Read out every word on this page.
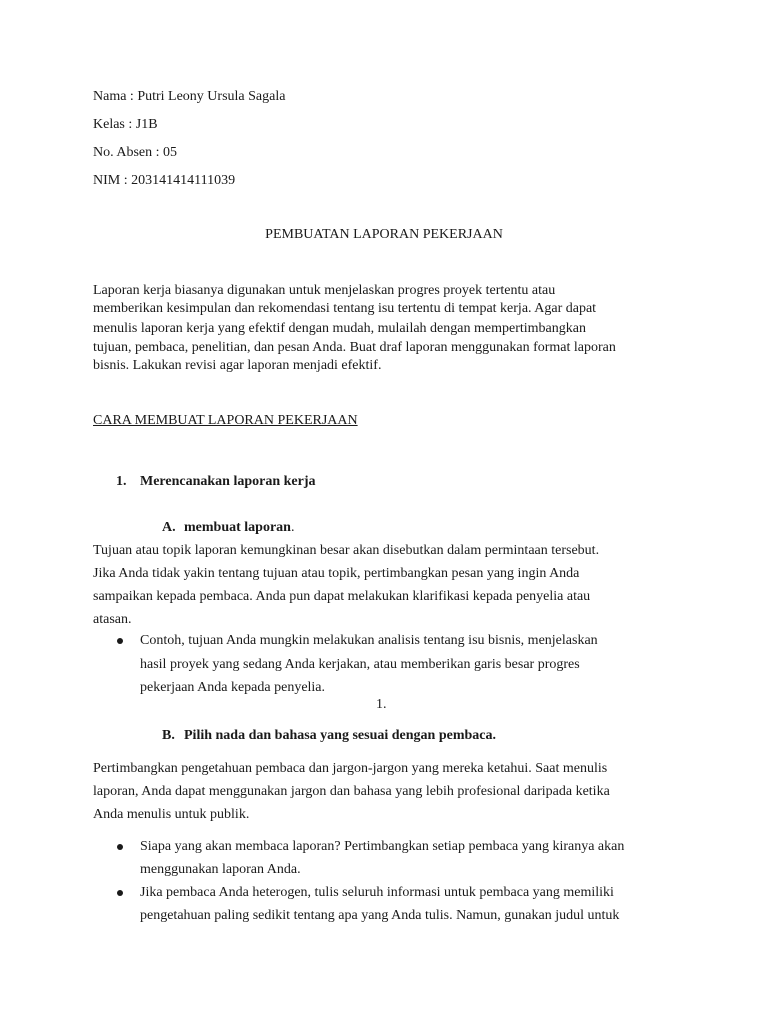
Nama : Putri Leony Ursula Sagala
Kelas : J1B
No. Absen : 05
NIM : 203141414111039
PEMBUATAN LAPORAN PEKERJAAN
Laporan kerja biasanya digunakan untuk menjelaskan progres proyek tertentu atau
memberikan kesimpulan dan rekomendasi tentang isu tertentu di tempat kerja. Agar dapat
menulis laporan kerja yang efektif dengan mudah, mulailah dengan mempertimbangkan
tujuan, pembaca, penelitian, dan pesan Anda. Buat draf laporan menggunakan format laporan
bisnis. Lakukan revisi agar laporan menjadi efektif.
CARA MEMBUAT LAPORAN PEKERJAAN
1. Merencanakan laporan kerja
A. membuat laporan.
Tujuan atau topik laporan kemungkinan besar akan disebutkan dalam permintaan tersebut.
Jika Anda tidak yakin tentang tujuan atau topik, pertimbangkan pesan yang ingin Anda
sampaikan kepada pembaca. Anda pun dapat melakukan klarifikasi kepada penyelia atau
atasan.
Contoh, tujuan Anda mungkin melakukan analisis tentang isu bisnis, menjelaskan
hasil proyek yang sedang Anda kerjakan, atau memberikan garis besar progres
pekerjaan Anda kepada penyelia.
1.
B. Pilih nada dan bahasa yang sesuai dengan pembaca.
Pertimbangkan pengetahuan pembaca dan jargon-jargon yang mereka ketahui. Saat menulis
laporan, Anda dapat menggunakan jargon dan bahasa yang lebih profesional daripada ketika
Anda menulis untuk publik.
Siapa yang akan membaca laporan? Pertimbangkan setiap pembaca yang kiranya akan
menggunakan laporan Anda.
Jika pembaca Anda heterogen, tulis seluruh informasi untuk pembaca yang memiliki
pengetahuan paling sedikit tentang apa yang Anda tulis. Namun, gunakan judul untuk
